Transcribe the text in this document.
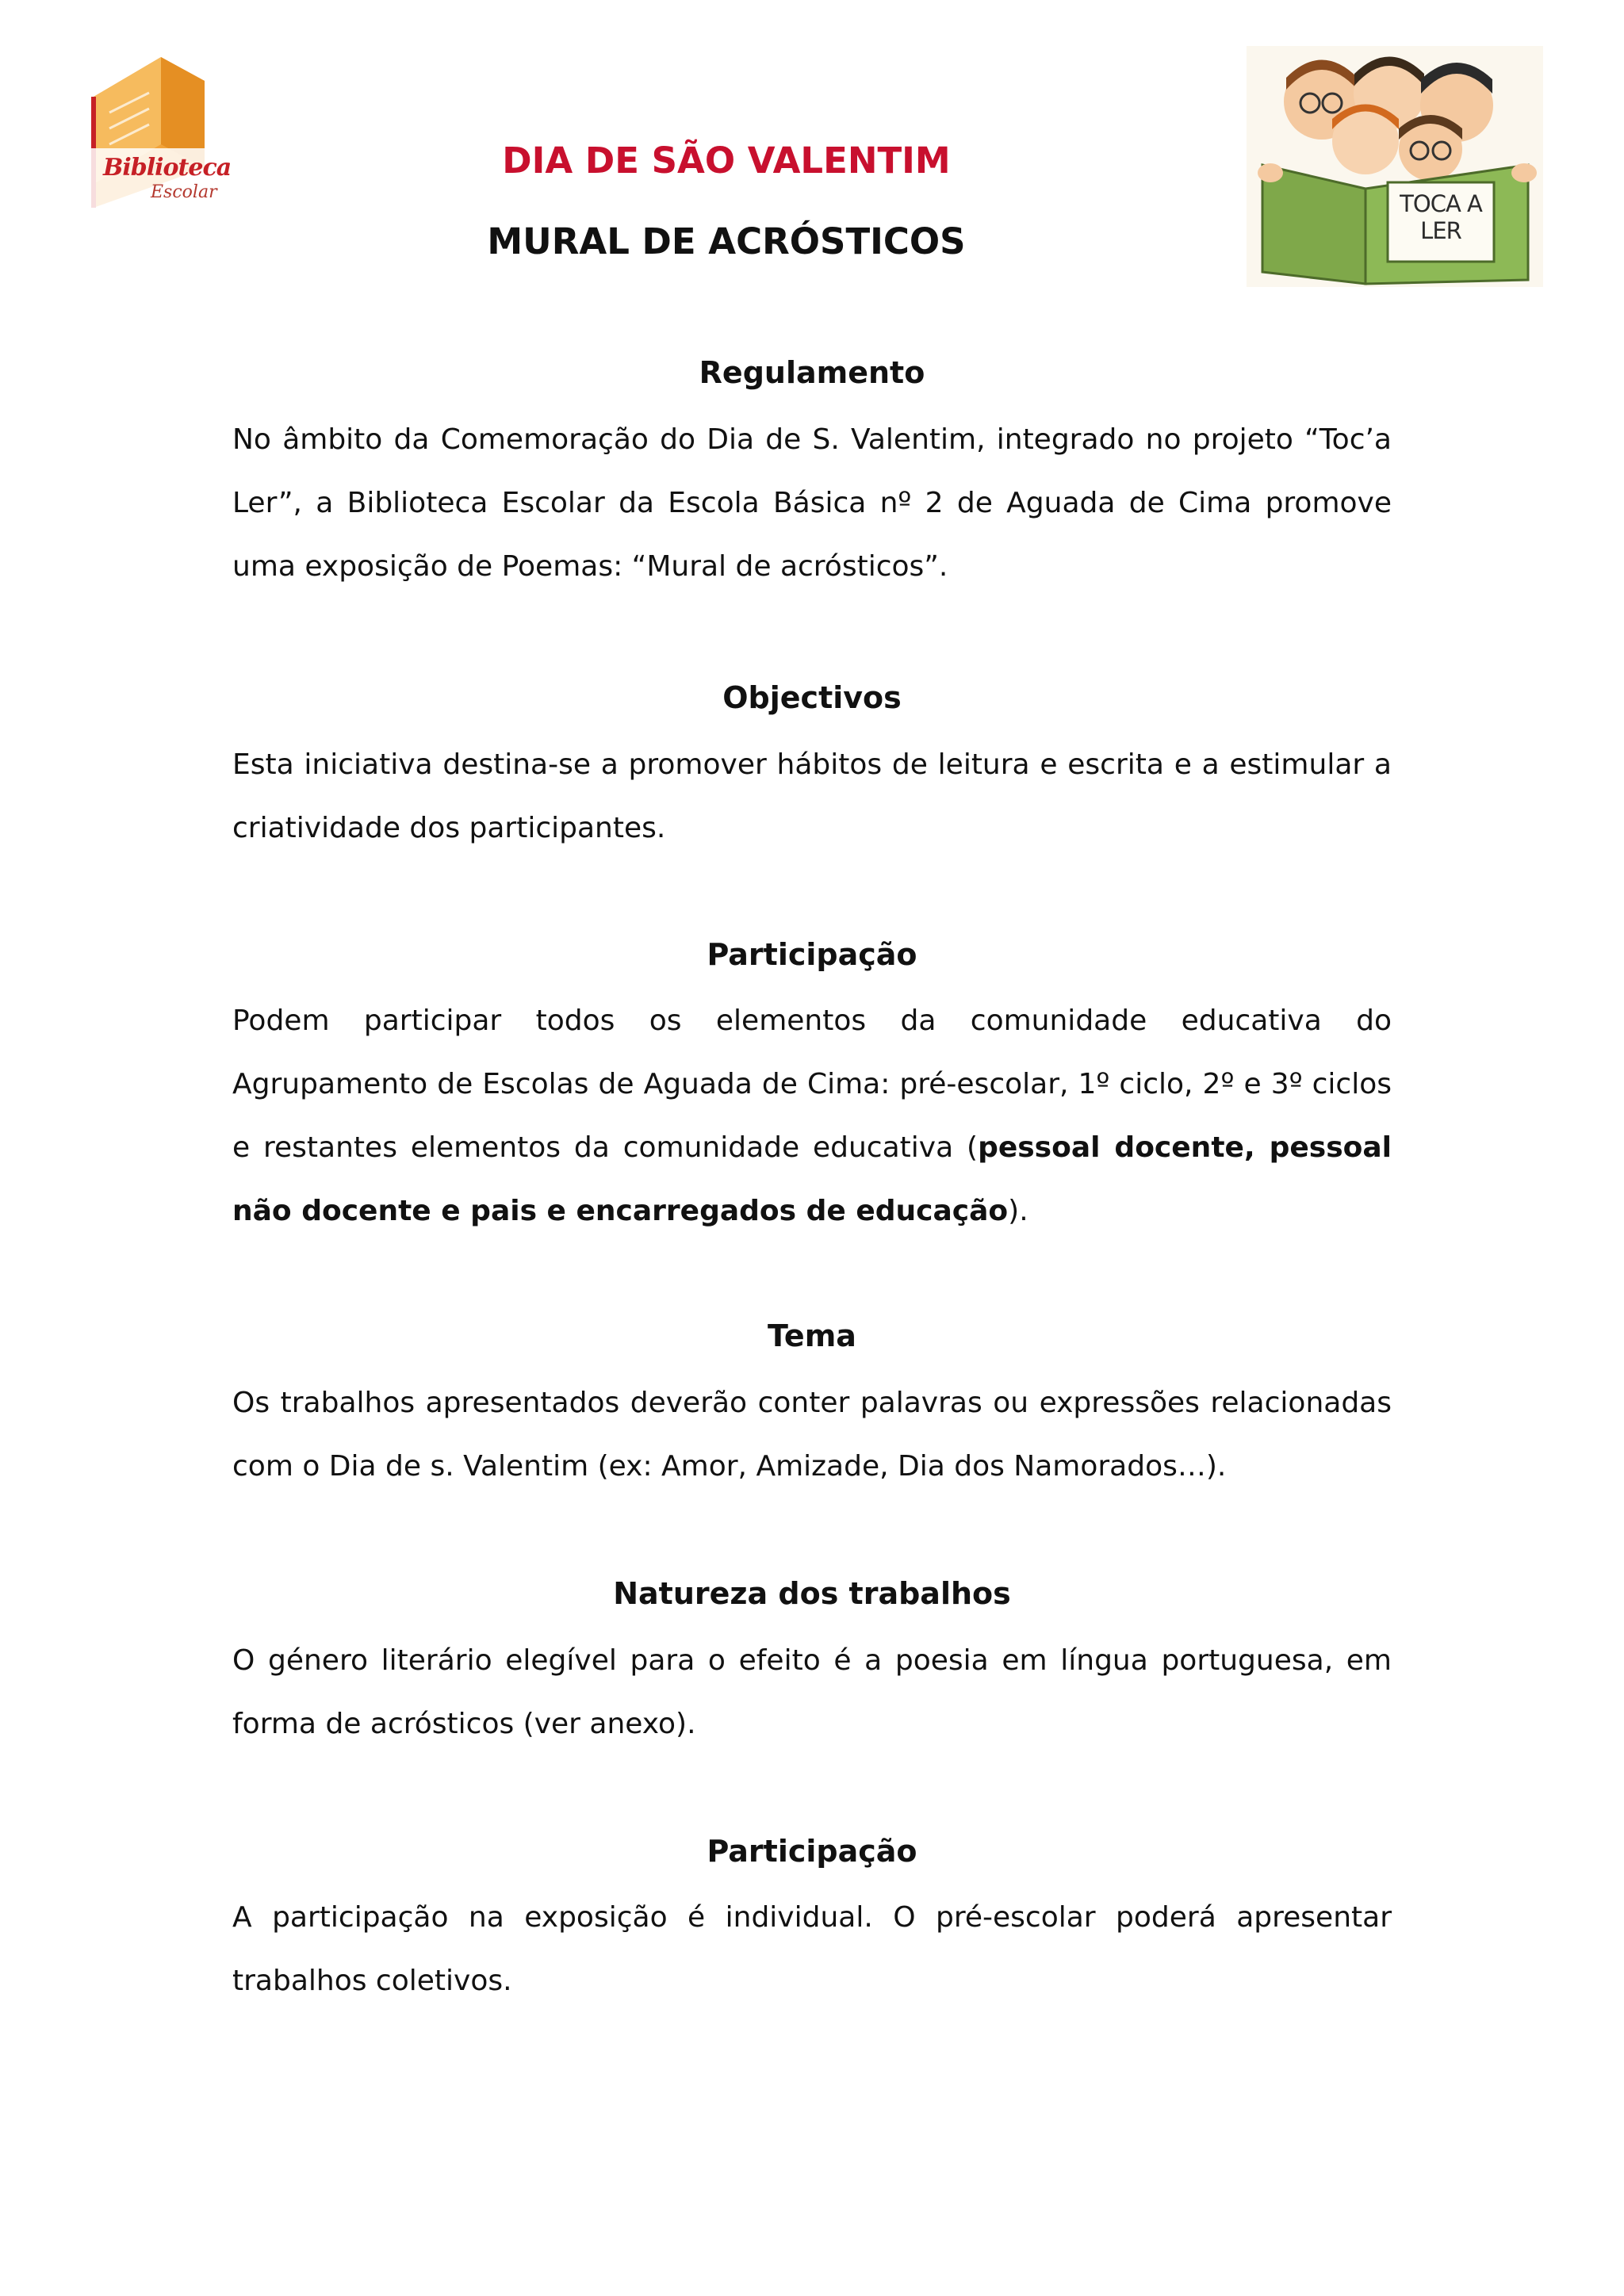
Biblioteca
Escolar	TOCA A LER
DIA DE SÃO VALENTIM
MURAL DE ACRÓSTICOS
Regulamento
No âmbito da Comemoração do Dia de S. Valentim, integrado no projeto “Toc’a Ler”, a Biblioteca Escolar da Escola Básica nº 2 de Aguada de Cima promove uma exposição de Poemas: “Mural de acrósticos”.
Objectivos
Esta iniciativa destina-se a promover hábitos de leitura e escrita e a estimular a criatividade dos participantes.
Participação
Podem participar todos os elementos da comunidade educativa do Agrupamento de Escolas de Aguada de Cima: pré-escolar, 1º ciclo, 2º e 3º ciclos e restantes elementos da comunidade educativa (pessoal docente, pessoal não docente e pais e encarregados de educação).
Tema
Os trabalhos apresentados deverão conter palavras ou expressões relacionadas com o Dia de s. Valentim (ex: Amor, Amizade, Dia dos Namorados…).
Natureza dos trabalhos
O género literário elegível para o efeito é a poesia em língua portuguesa, em forma de acrósticos (ver anexo).
Participação
A participação na exposição é individual. O pré-escolar poderá apresentar trabalhos coletivos.
